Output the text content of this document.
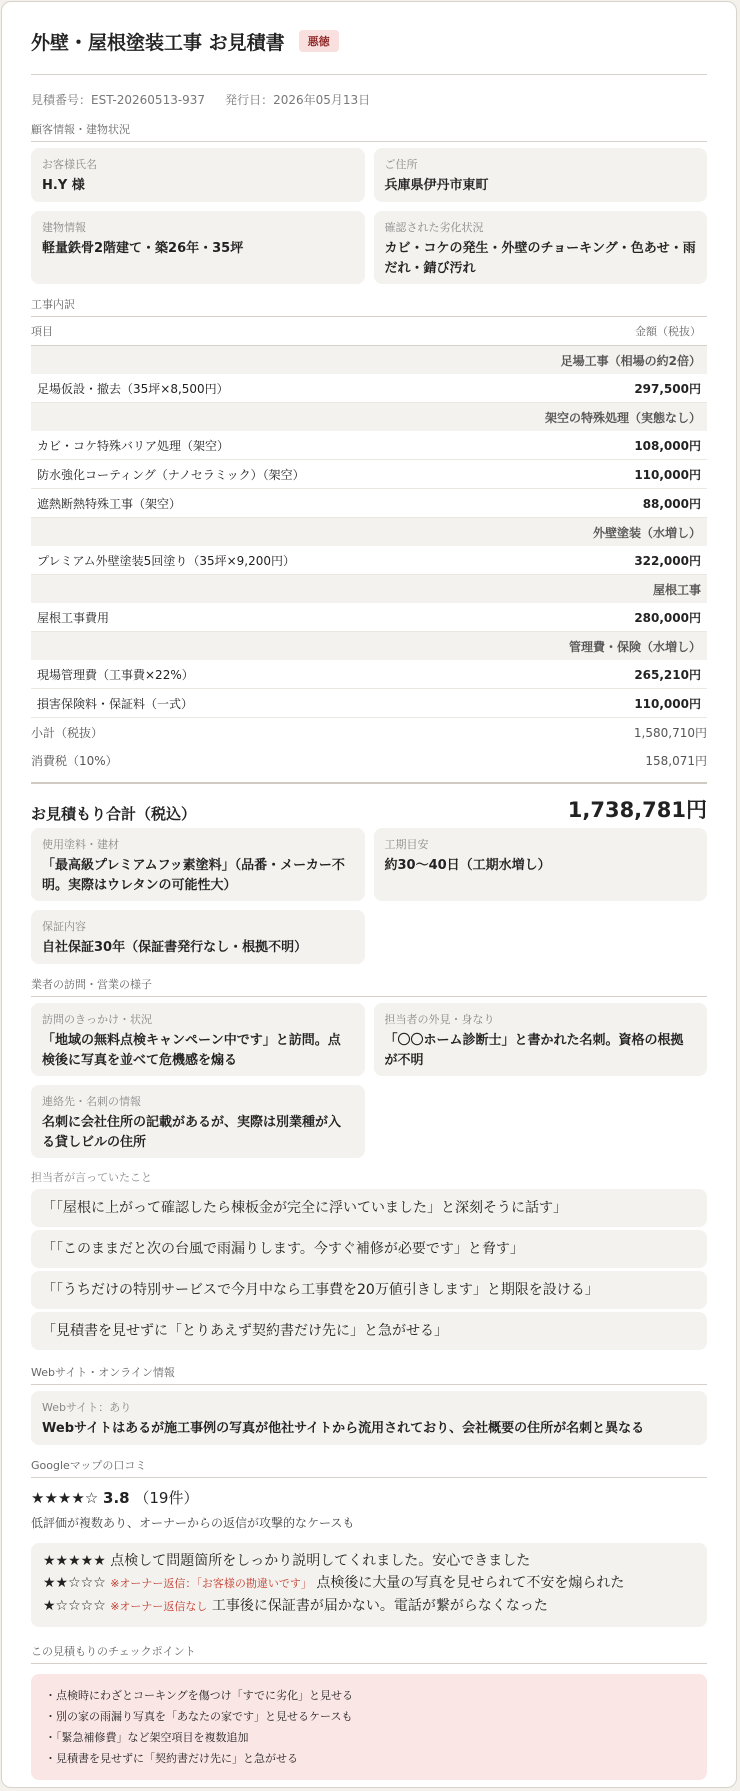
外壁・屋根塗装工事 お見積書	悪徳
見積番号：EST-20260513-937 発行日：2026年05月13日
顧客情報・建物状況
お客様氏名
H.Y 様
ご住所
兵庫県伊丹市東町
建物情報
軽量鉄骨2階建て・築26年・35坪
確認された劣化状況
カビ・コケの発生・外壁のチョーキング・色あせ・雨だれ・錆び汚れ
工事内訳
項目	金額（税抜）
足場工事（相場の約2倍）	
足場仮設・撤去（35坪×8,500円）	297,500円
架空の特殊処理（実態なし）	
カビ・コケ特殊バリア処理（架空）	108,000円
防水強化コーティング（ナノセラミック）（架空）	110,000円
遮熱断熱特殊工事（架空）	88,000円
外壁塗装（水増し）	
プレミアム外壁塗装5回塗り（35坪×9,200円）	322,000円
屋根工事	
屋根工事費用	280,000円
管理費・保険（水増し）	
現場管理費（工事費×22%）	265,210円
損害保険料・保証料（一式）	110,000円
小計（税抜）	1,580,710円
消費税（10%）	158,071円
お見積もり合計（税込）	1,738,781円
使用塗料・建材
「最高級プレミアムフッ素塗料」（品番・メーカー不明。実際はウレタンの可能性大）
工期目安
約30〜40日（工期水増し）
保証内容
自社保証30年（保証書発行なし・根拠不明）
業者の訪問・営業の様子
訪問のきっかけ・状況
「地域の無料点検キャンペーン中です」と訪問。点検後に写真を並べて危機感を煽る
担当者の外見・身なり
「〇〇ホーム診断士」と書かれた名刺。資格の根拠が不明
連絡先・名刺の情報
名刺に会社住所の記載があるが、実際は別業種が入る貸しビルの住所
担当者が言っていたこと
「「屋根に上がって確認したら棟板金が完全に浮いていました」と深刻そうに話す」
「「このままだと次の台風で雨漏りします。今すぐ補修が必要です」と脅す」
「「うちだけの特別サービスで今月中なら工事費を20万値引きします」と期限を設ける」
「見積書を見せずに「とりあえず契約書だけ先に」と急がせる」
Webサイト・オンライン情報
Webサイト：あり
Webサイトはあるが施工事例の写真が他社サイトから流用されており、会社概要の住所が名刺と異なる
Googleマップの口コミ
★★★★☆ 3.8 （19件）
低評価が複数あり、オーナーからの返信が攻撃的なケースも
★★★★★ 点検して問題箇所をしっかり説明してくれました。安心できました
★★☆☆☆ ※オーナー返信：「お客様の勘違いです」 点検後に大量の写真を見せられて不安を煽られた
★☆☆☆☆ ※オーナー返信なし 工事後に保証書が届かない。電話が繋がらなくなった
この見積もりのチェックポイント
・点検時にわざとコーキングを傷つけ「すでに劣化」と見せる
・別の家の雨漏り写真を「あなたの家です」と見せるケースも
・「緊急補修費」など架空項目を複数追加
・見積書を見せずに「契約書だけ先に」と急がせる
